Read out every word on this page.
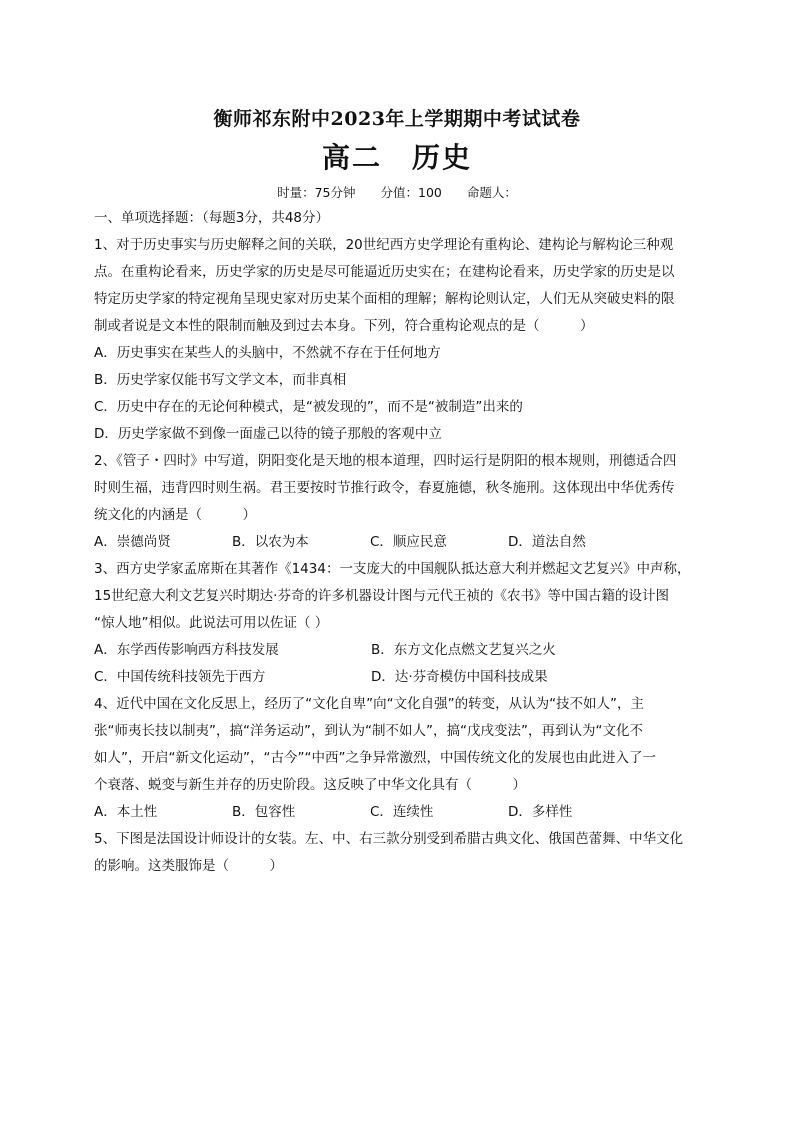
衡师祁东附中2023年上学期期中考试试卷
高二　历史
时量：75分钟　　分值：100　　命题人：
一、单项选择题：（每题3分，共48分）
1、对于历史事实与历史解释之间的关联，20世纪西方史学理论有重构论、建构论与解构论三种观
点。在重构论看来，历史学家的历史是尽可能逼近历史实在；在建构论看来，历史学家的历史是以
特定历史学家的特定视角呈现史家对历史某个面相的理解；解构论则认定，人们无从突破史料的限
制或者说是文本性的限制而触及到过去本身。下列，符合重构论观点的是（　　　）
A．历史事实在某些人的头脑中，不然就不存在于任何地方
B．历史学家仅能书写文学文本，而非真相
C．历史中存在的无论何种模式，是“被发现的”，而不是“被制造”出来的
D．历史学家做不到像一面虚己以待的镜子那般的客观中立
2、《管子・四时》中写道，阴阳变化是天地的根本道理，四时运行是阴阳的根本规则，刑德适合四
时则生福，违背四时则生祸。君王要按时节推行政令，春夏施德，秋冬施刑。这体现出中华优秀传
统文化的内涵是（　　　）
A．崇德尚贤	B．以农为本	C．顺应民意	D．道法自然
3、西方史学家孟席斯在其著作《1434：一支庞大的中国舰队抵达意大利并燃起文艺复兴》中声称，
15世纪意大利文艺复兴时期达·芬奇的许多机器设计图与元代王祯的《农书》等中国古籍的设计图
“惊人地”相似。此说法可用以佐证（ ）
A．东学西传影响西方科技发展	B．东方文化点燃文艺复兴之火
C．中国传统科技领先于西方	D．达·芬奇模仿中国科技成果
4、近代中国在文化反思上，经历了“文化自卑”向“文化自强”的转变，从认为“技不如人”，主
张“师夷长技以制夷”，搞“洋务运动”，到认为“制不如人”，搞“戊戌变法”，再到认为“文化不
如人”，开启“新文化运动”，“古今”“中西”之争异常激烈，中国传统文化的发展也由此进入了一
个衰落、蜕变与新生并存的历史阶段。这反映了中华文化具有（　　　）
A．本土性	B．包容性	C．连续性	D．多样性
5、下图是法国设计师设计的女装。左、中、右三款分别受到希腊古典文化、俄国芭蕾舞、中华文化
的影响。这类服饰是（　　　）
